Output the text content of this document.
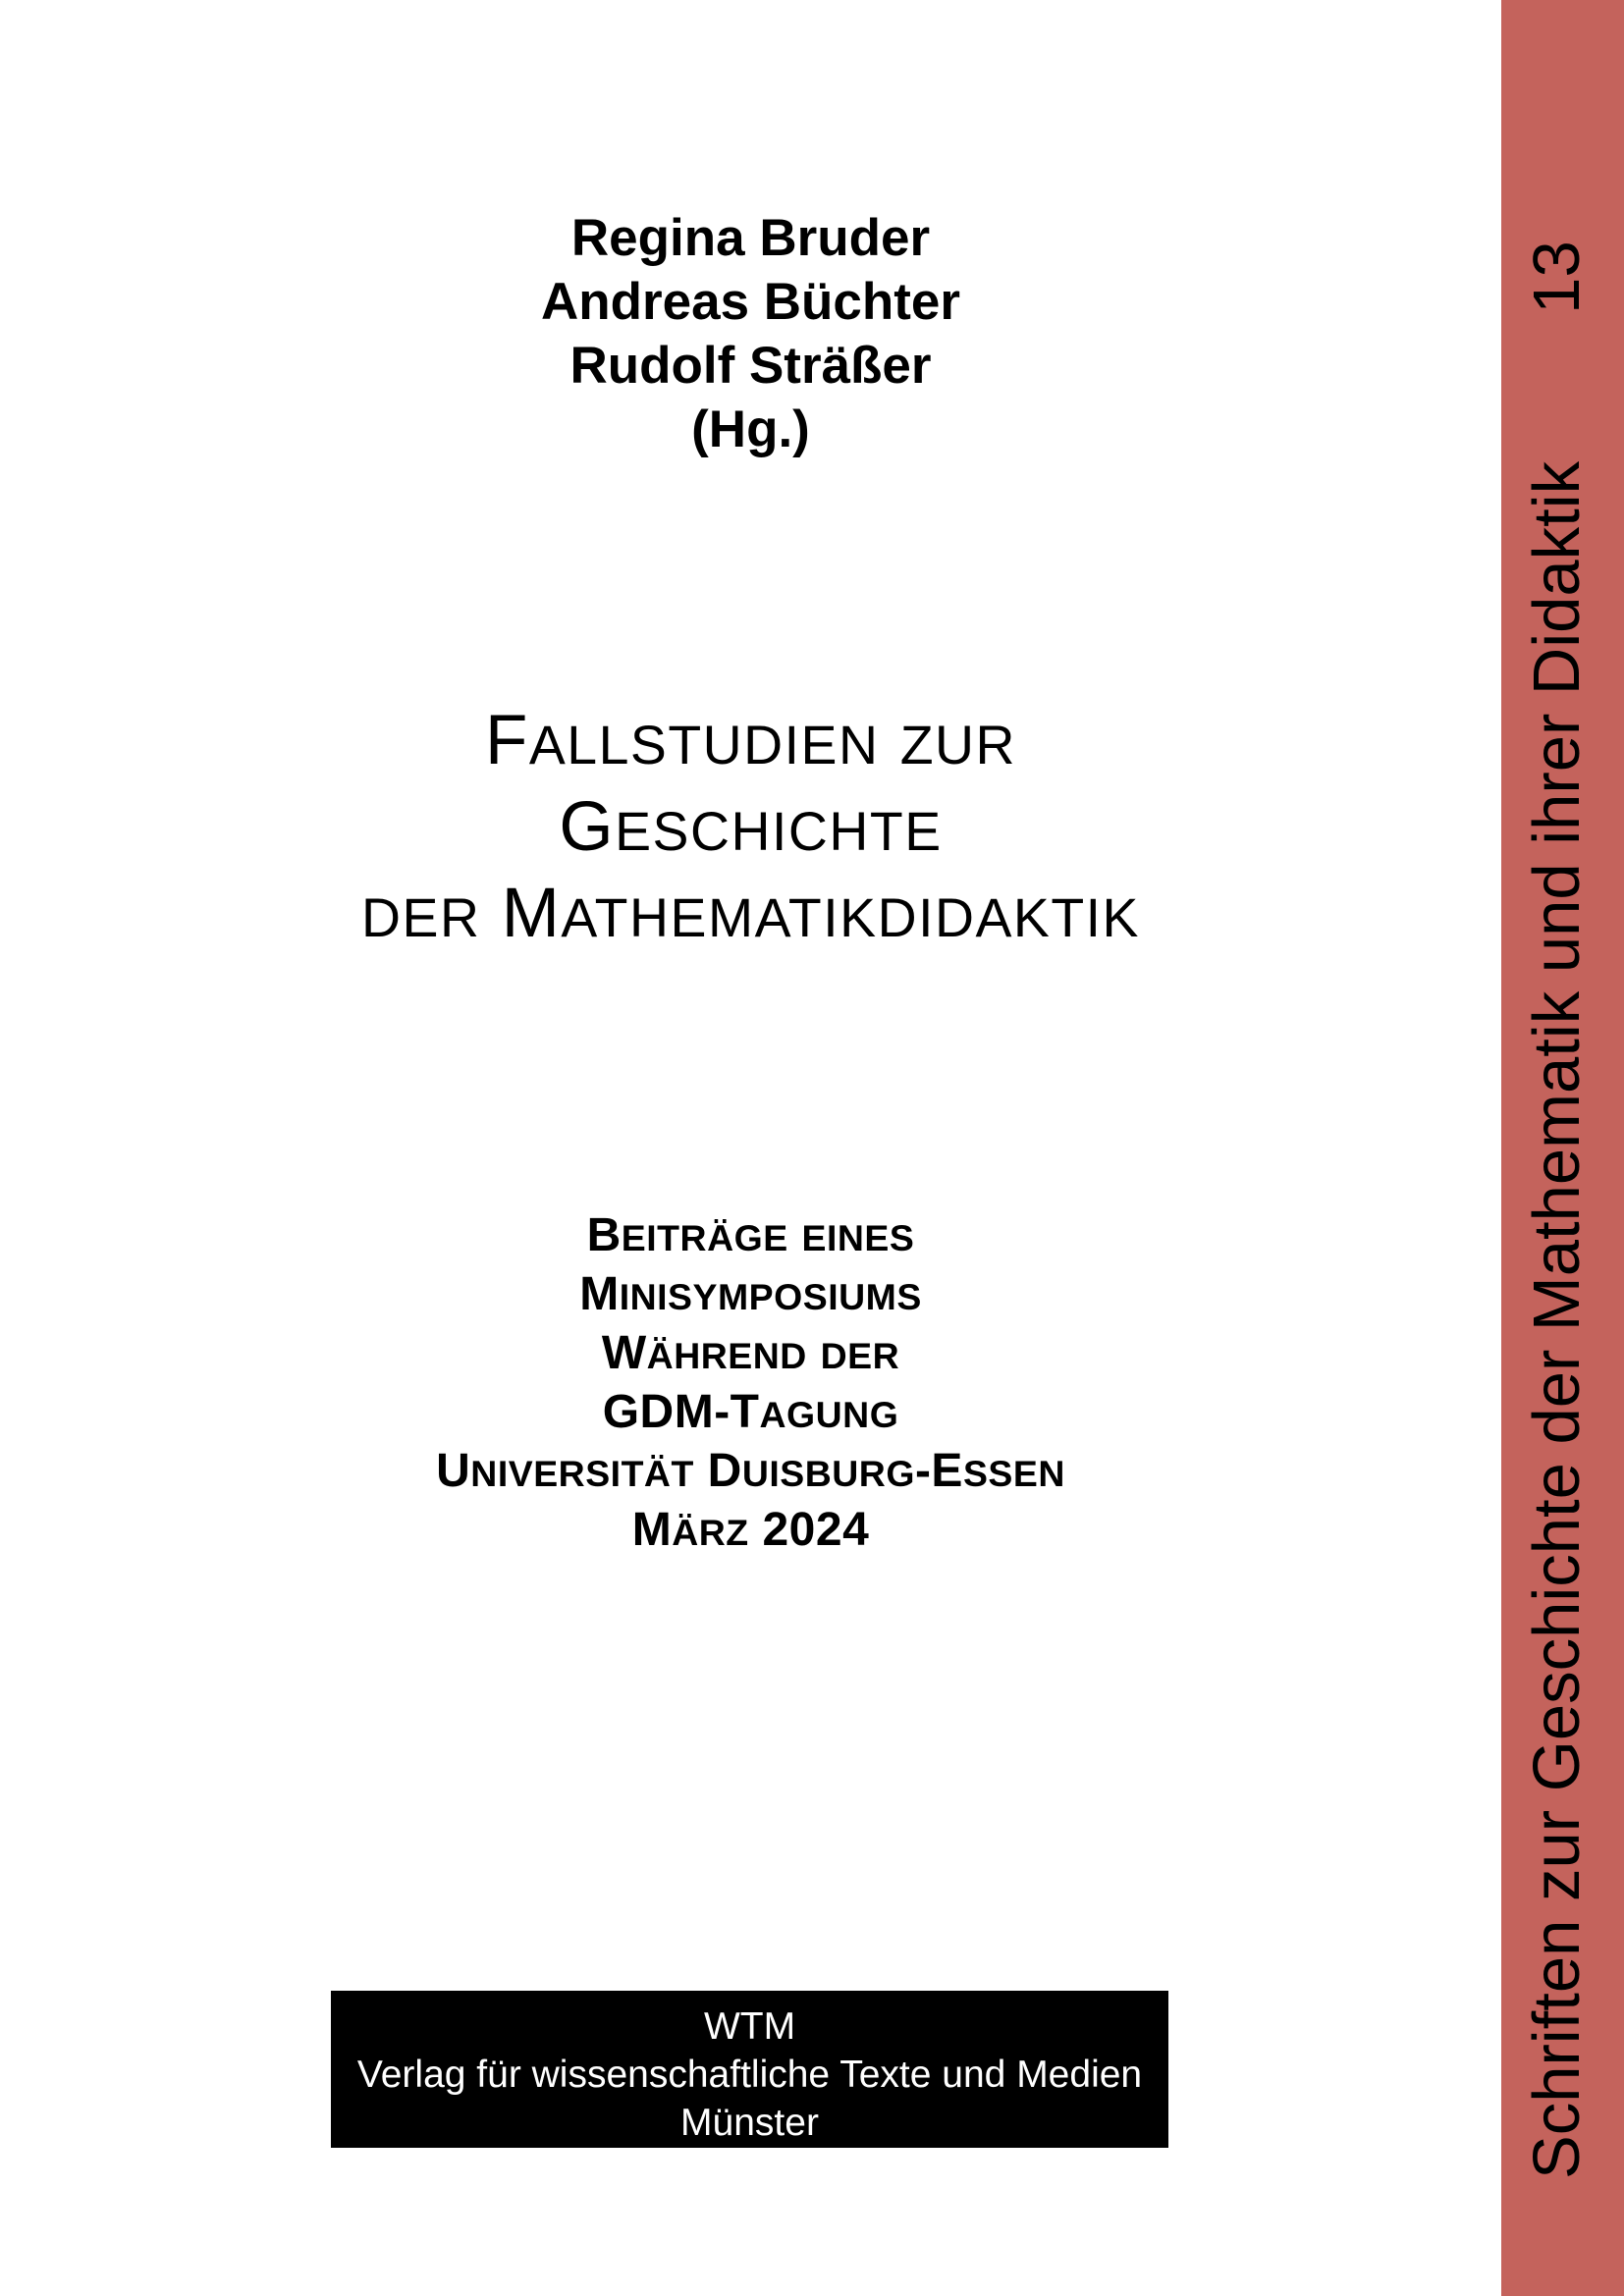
Regina Bruder
Andreas Büchter
Rudolf Sträßer
(Hg.)
FALLSTUDIEN ZUR
GESCHICHTE
DER MATHEMATIKDIDAKTIK
BEITRÄGE EINES
MINISYMPOSIUMS
WÄHREND DER
GDM-TAGUNG
UNIVERSITÄT DUISBURG-ESSEN
MÄRZ 2024
WTM
Verlag für wissenschaftliche Texte und Medien
Münster	Schriften zur Geschichte der Mathematik und ihrer Didaktik13
